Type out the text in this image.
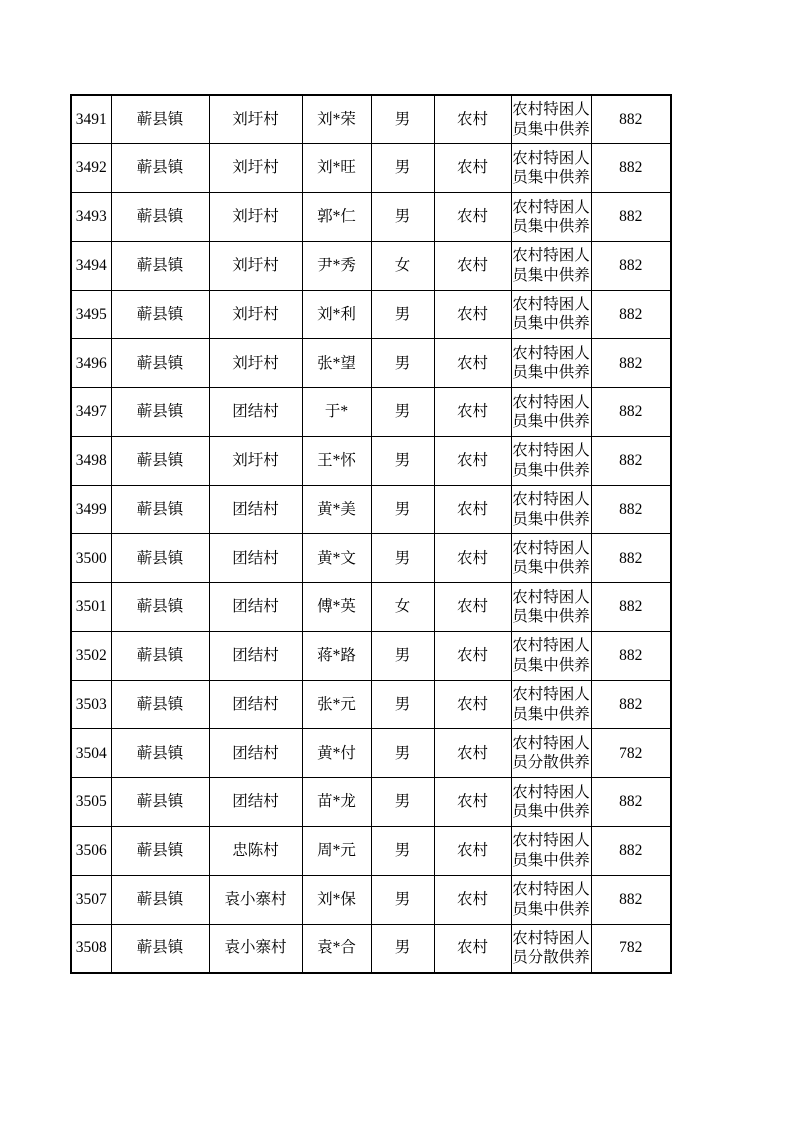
3491	蕲县镇	刘圩村	刘*荣	男	农村	农村特困人员集中供养	882
3492	蕲县镇	刘圩村	刘*旺	男	农村	农村特困人员集中供养	882
3493	蕲县镇	刘圩村	郭*仁	男	农村	农村特困人员集中供养	882
3494	蕲县镇	刘圩村	尹*秀	女	农村	农村特困人员集中供养	882
3495	蕲县镇	刘圩村	刘*利	男	农村	农村特困人员集中供养	882
3496	蕲县镇	刘圩村	张*望	男	农村	农村特困人员集中供养	882
3497	蕲县镇	团结村	于*	男	农村	农村特困人员集中供养	882
3498	蕲县镇	刘圩村	王*怀	男	农村	农村特困人员集中供养	882
3499	蕲县镇	团结村	黄*美	男	农村	农村特困人员集中供养	882
3500	蕲县镇	团结村	黄*文	男	农村	农村特困人员集中供养	882
3501	蕲县镇	团结村	傅*英	女	农村	农村特困人员集中供养	882
3502	蕲县镇	团结村	蒋*路	男	农村	农村特困人员集中供养	882
3503	蕲县镇	团结村	张*元	男	农村	农村特困人员集中供养	882
3504	蕲县镇	团结村	黄*付	男	农村	农村特困人员分散供养	782
3505	蕲县镇	团结村	苗*龙	男	农村	农村特困人员集中供养	882
3506	蕲县镇	忠陈村	周*元	男	农村	农村特困人员集中供养	882
3507	蕲县镇	袁小寨村	刘*保	男	农村	农村特困人员集中供养	882
3508	蕲县镇	袁小寨村	袁*合	男	农村	农村特困人员分散供养	782
